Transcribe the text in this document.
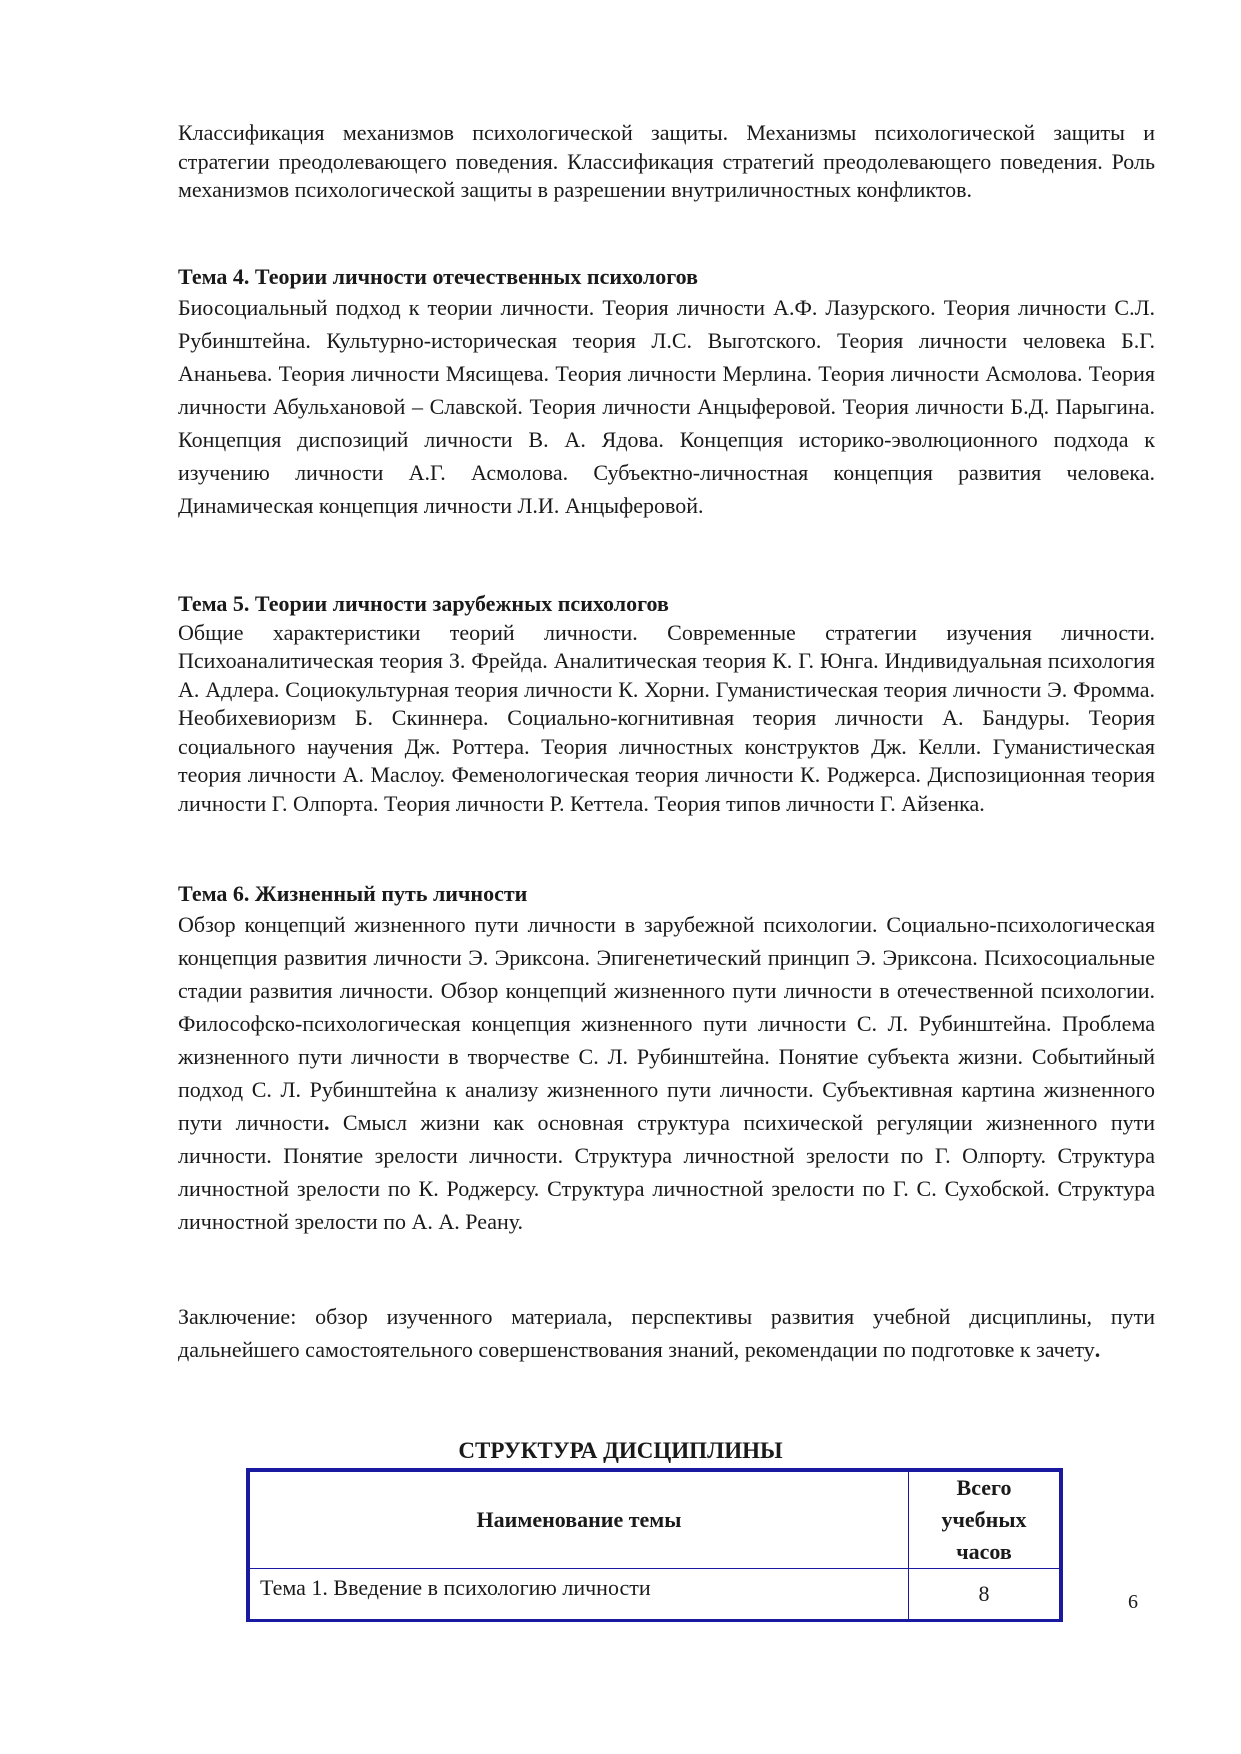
Классификация механизмов психологической защиты. Механизмы психологической защиты и стратегии преодолевающего поведения. Классификация стратегий преодолевающего поведения. Роль механизмов психологической защиты в разрешении внутриличностных конфликтов.

Тема 4. Теории личности отечественных психологов

Биосоциальный подход к теории личности. Теория личности А.Ф. Лазурского. Теория личности С.Л. Рубинштейна. Культурно-историческая теория Л.С. Выготского. Теория личности человека Б.Г. Ананьева. Теория личности Мясищева. Теория личности Мерлина. Теория личности Асмолова. Теория личности Абульхановой – Славской. Теория личности Анцыферовой. Теория личности Б.Д. Парыгина. Концепция диспозиций личности В. А. Ядова. Концепция историко-эволюционного подхода к изучению личности А.Г. Асмолова. Субъектно-личностная концепция развития человека. Динамическая концепция личности Л.И. Анцыферовой.

Тема 5. Теории личности зарубежных психологов

Общие характеристики теорий личности. Современные стратегии изучения личности. Психоаналитическая теория З. Фрейда. Аналитическая теория К. Г. Юнга. Индивидуальная психология А. Адлера. Социокультурная теория личности К. Хорни. Гуманистическая теория личности Э. Фромма. Необихевиоризм Б. Скиннера. Социально-когнитивная теория личности А. Бандуры. Теория социального научения Дж. Роттера. Теория личностных конструктов Дж. Келли. Гуманистическая теория личности А. Маслоу. Феменологическая теория личности К. Роджерса. Диспозиционная теория личности Г. Олпорта. Теория личности Р. Кеттела. Теория типов личности Г. Айзенка.

Тема 6. Жизненный путь личности

Обзор концепций жизненного пути личности в зарубежной психологии. Социально-психологическая концепция развития личности Э. Эриксона. Эпигенетический принцип Э. Эриксона. Психосоциальные стадии развития личности. Обзор концепций жизненного пути личности в отечественной психологии. Философско-психологическая концепция жизненного пути личности С. Л. Рубинштейна. Проблема жизненного пути личности в творчестве С. Л. Рубинштейна. Понятие субъекта жизни. Событийный подход С. Л. Рубинштейна к анализу жизненного пути личности. Субъективная картина жизненного пути личности. Смысл жизни как основная структура психической регуляции жизненного пути личности. Понятие зрелости личности. Структура личностной зрелости по Г. Олпорту. Структура личностной зрелости по К. Роджерсу. Структура личностной зрелости по Г. С. Сухобской. Структура личностной зрелости по А. А. Реану.

Заключение: обзор изученного материала, перспективы развития учебной дисциплины, пути дальнейшего самостоятельного совершенствования знаний, рекомендации по подготовке к зачету.

СТРУКТУРА ДИСЦИПЛИНЫ
Наименование темы	Всего
учебных
часов
Тема 1. Введение в психологию личности	8	6
